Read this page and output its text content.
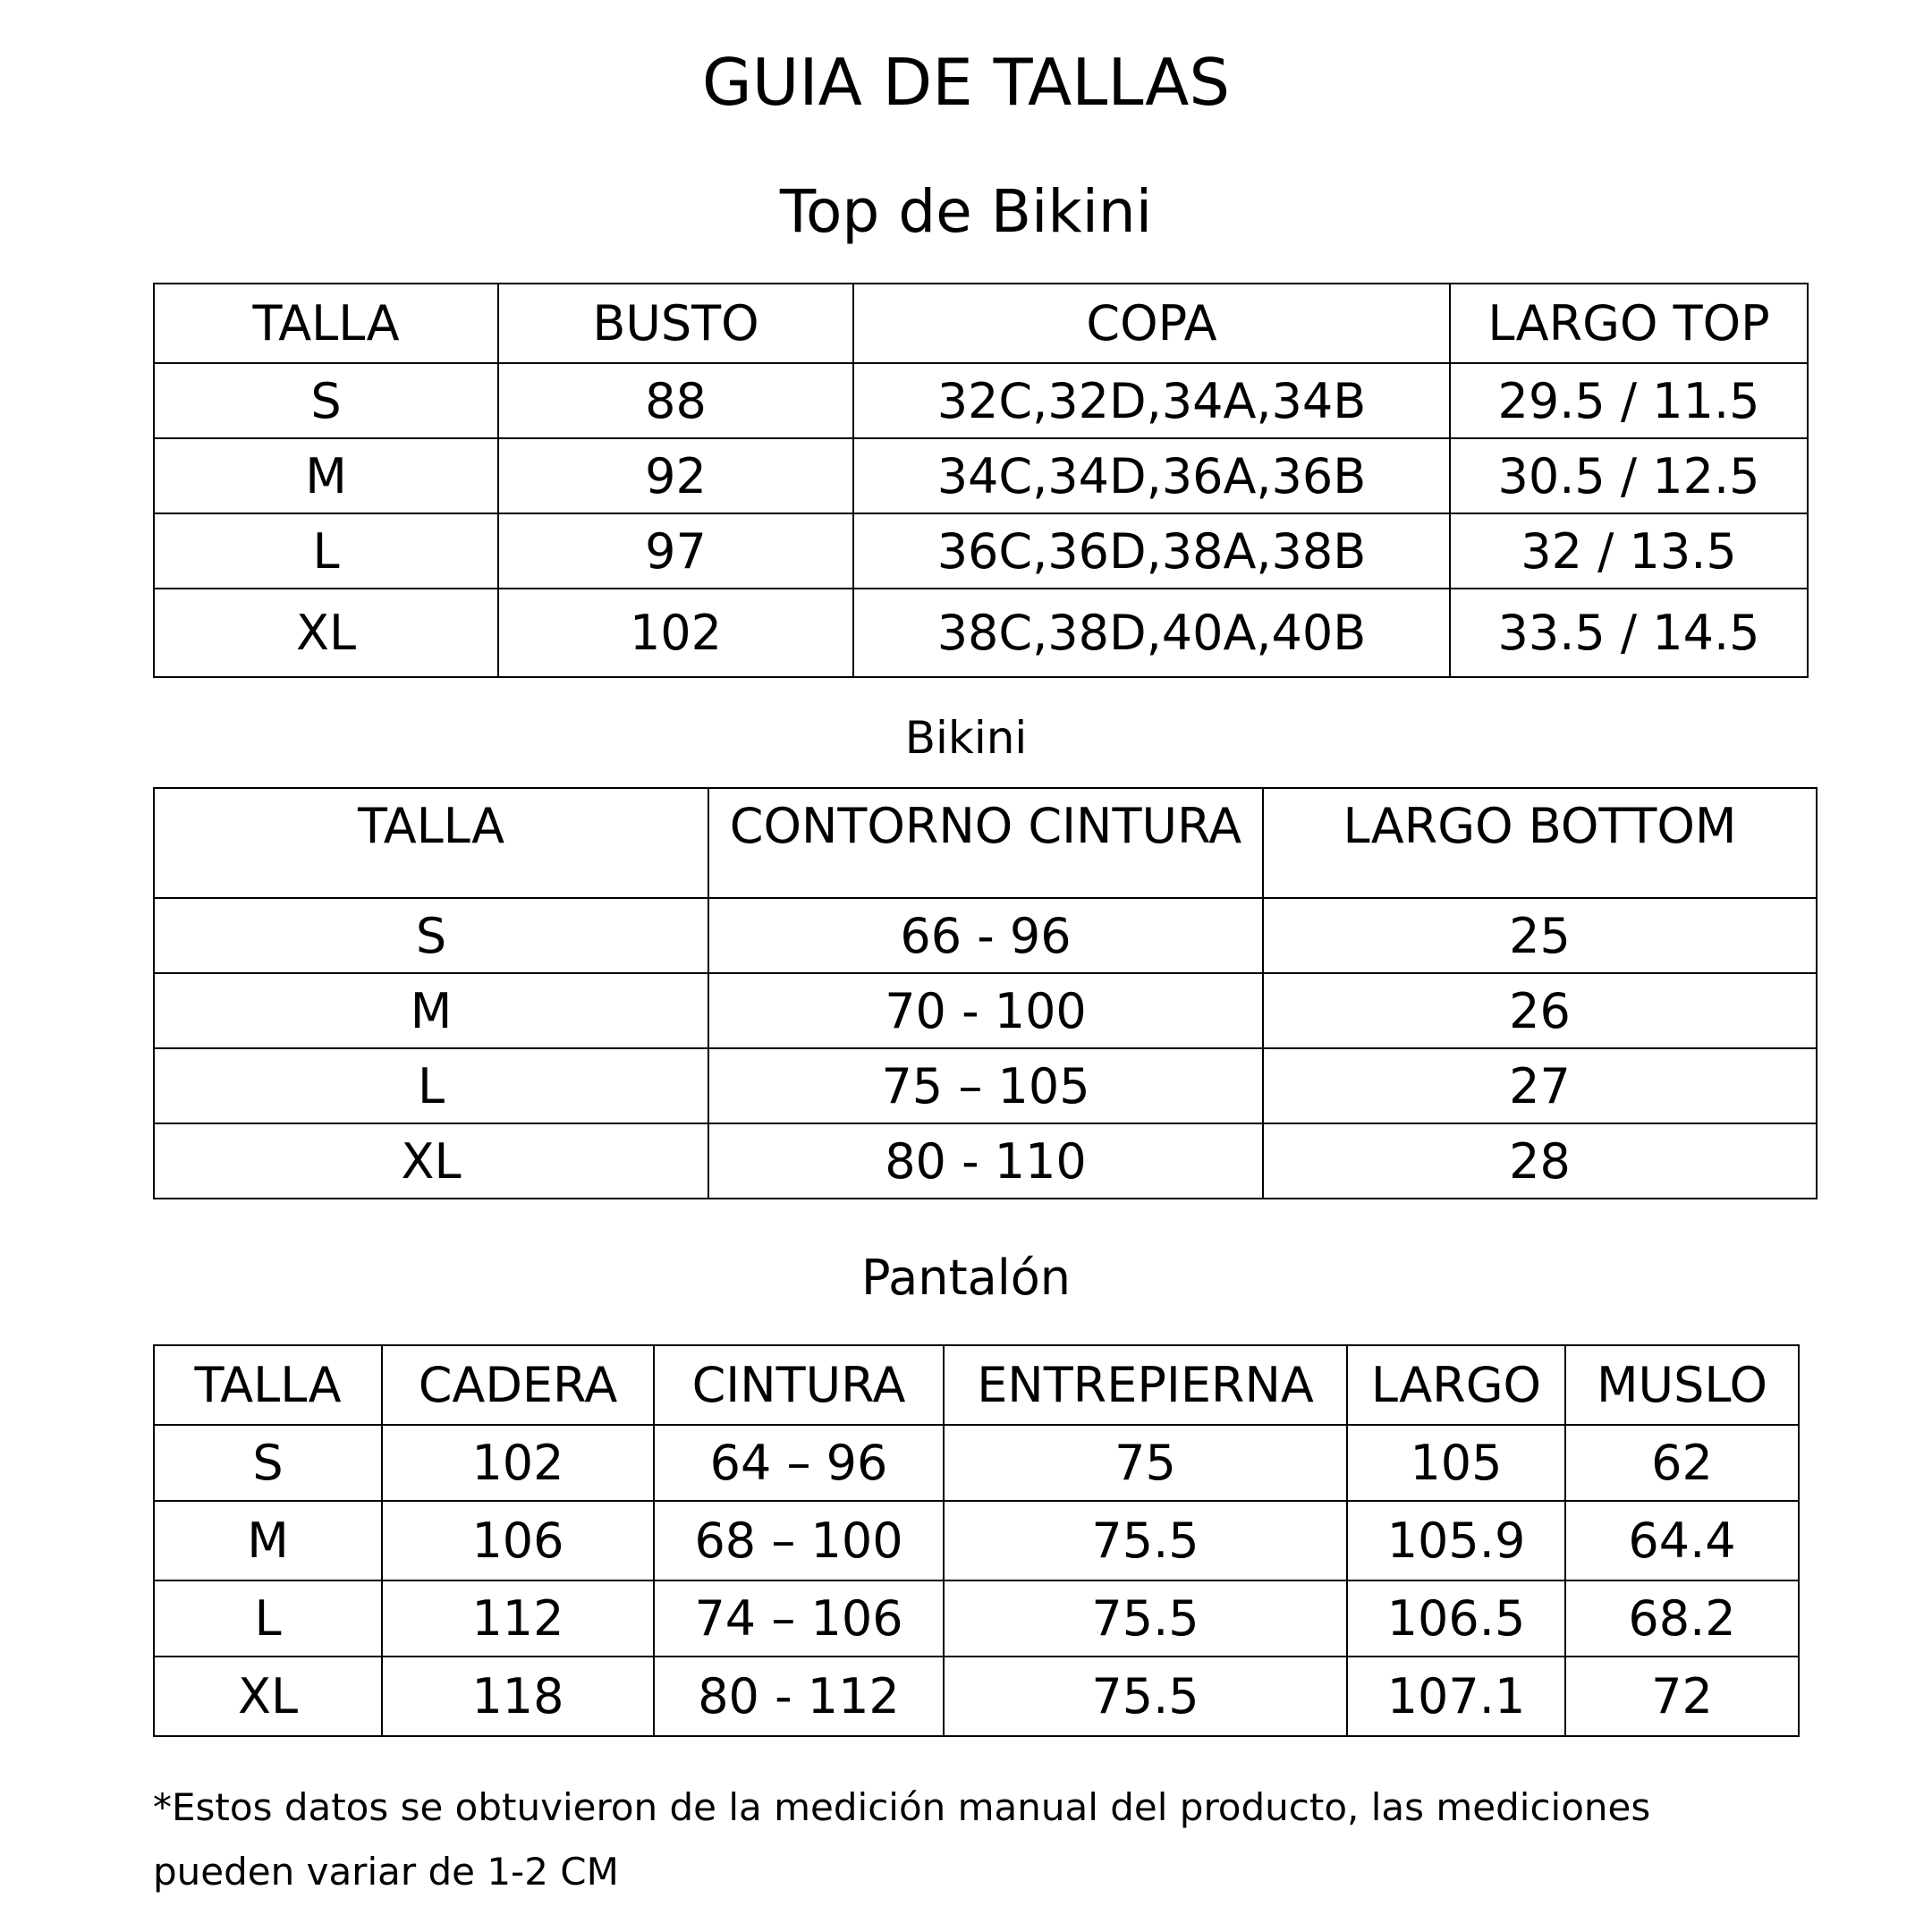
GUIA DE TALLAS
Top de Bikini
TALLA	BUSTO	COPA	LARGO TOP
S	88	32C,32D,34A,34B	29.5 / 11.5
M	92	34C,34D,36A,36B	30.5 / 12.5
L	97	36C,36D,38A,38B	32 / 13.5
XL	102	38C,38D,40A,40B	33.5 / 14.5
Bikini
TALLA	CONTORNO CINTURA	LARGO BOTTOM
S	66 - 96	25
M	70 - 100	26
L	75 – 105	27
XL	80 - 110	28
Pantalón
TALLA	CADERA	CINTURA	ENTREPIERNA	LARGO	MUSLO
S	102	64 – 96	75	105	62
M	106	68 – 100	75.5	105.9	64.4
L	112	74 – 106	75.5	106.5	68.2
XL	118	80 - 112	75.5	107.1	72
*Estos datos se obtuvieron de la medición manual del producto, las mediciones
pueden variar de 1-2 CM
